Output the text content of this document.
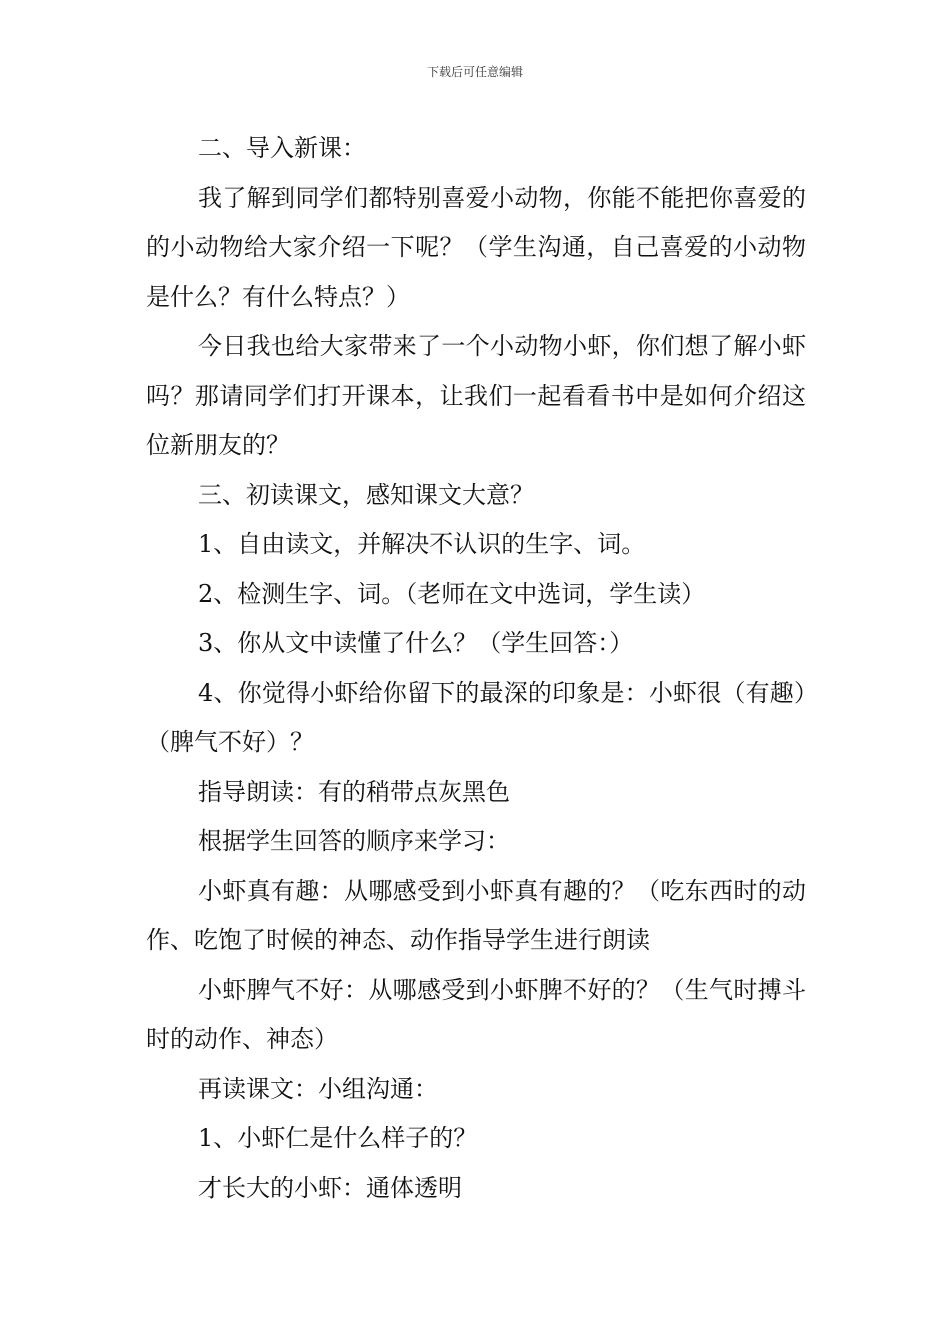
下载后可任意编辑

二、导入新课：

我了解到同学们都特别喜爱小动物，你能不能把你喜爱的的小动物给大家介绍一下呢？（学生沟通，自己喜爱的小动物是什么？有什么特点？）

今日我也给大家带来了一个小动物小虾，你们想了解小虾吗？那请同学们打开课本，让我们一起看看书中是如何介绍这位新朋友的？

三、初读课文，感知课文大意？

1、自由读文，并解决不认识的生字、词。

2、检测生字、词。（老师在文中选词，学生读）

3、你从文中读懂了什么？（学生回答：）

4、你觉得小虾给你留下的最深的印象是：小虾很（有趣）（脾气不好）？

指导朗读：有的稍带点灰黑色

根据学生回答的顺序来学习：

小虾真有趣：从哪感受到小虾真有趣的？（吃东西时的动作、吃饱了时候的神态、动作指导学生进行朗读

小虾脾气不好：从哪感受到小虾脾不好的？（生气时搏斗时的动作、神态）

再读课文：小组沟通：

1、小虾仁是什么样子的？

才长大的小虾：通体透明
